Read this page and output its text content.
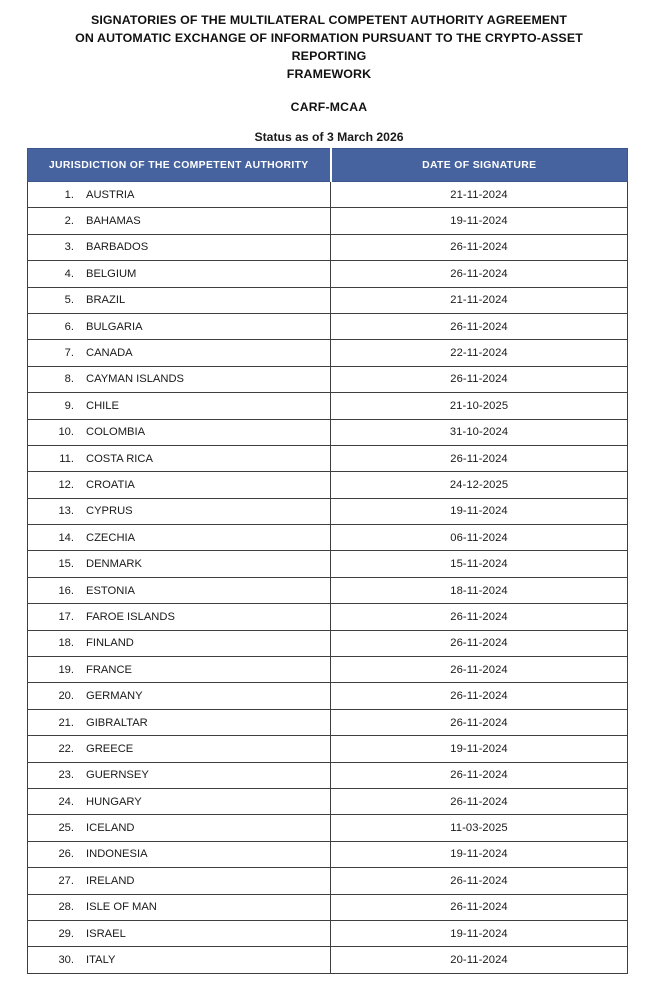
SIGNATORIES OF THE MULTILATERAL COMPETENT AUTHORITY AGREEMENT
ON AUTOMATIC EXCHANGE OF INFORMATION PURSUANT TO THE CRYPTO-ASSET REPORTING
FRAMEWORK
CARF-MCAA
Status as of 3 March 2026
JURISDICTION OF THE COMPETENT AUTHORITY	DATE OF SIGNATURE

1. AUSTRIA	21-11-2024

2. BAHAMAS	19-11-2024

3. BARBADOS	26-11-2024

4. BELGIUM	26-11-2024

5. BRAZIL	21-11-2024

6. BULGARIA	26-11-2024

7. CANADA	22-11-2024

8. CAYMAN ISLANDS	26-11-2024

9. CHILE	21-10-2025

10. COLOMBIA	31-10-2024

11. COSTA RICA	26-11-2024

12. CROATIA	24-12-2025

13. CYPRUS	19-11-2024

14. CZECHIA	06-11-2024

15. DENMARK	15-11-2024

16. ESTONIA	18-11-2024

17. FAROE ISLANDS	26-11-2024

18. FINLAND	26-11-2024

19. FRANCE	26-11-2024

20. GERMANY	26-11-2024

21. GIBRALTAR	26-11-2024

22. GREECE	19-11-2024

23. GUERNSEY	26-11-2024

24. HUNGARY	26-11-2024

25. ICELAND	11-03-2025

26. INDONESIA	19-11-2024

27. IRELAND	26-11-2024

28. ISLE OF MAN	26-11-2024

29. ISRAEL	19-11-2024

30. ITALY	20-11-2024
